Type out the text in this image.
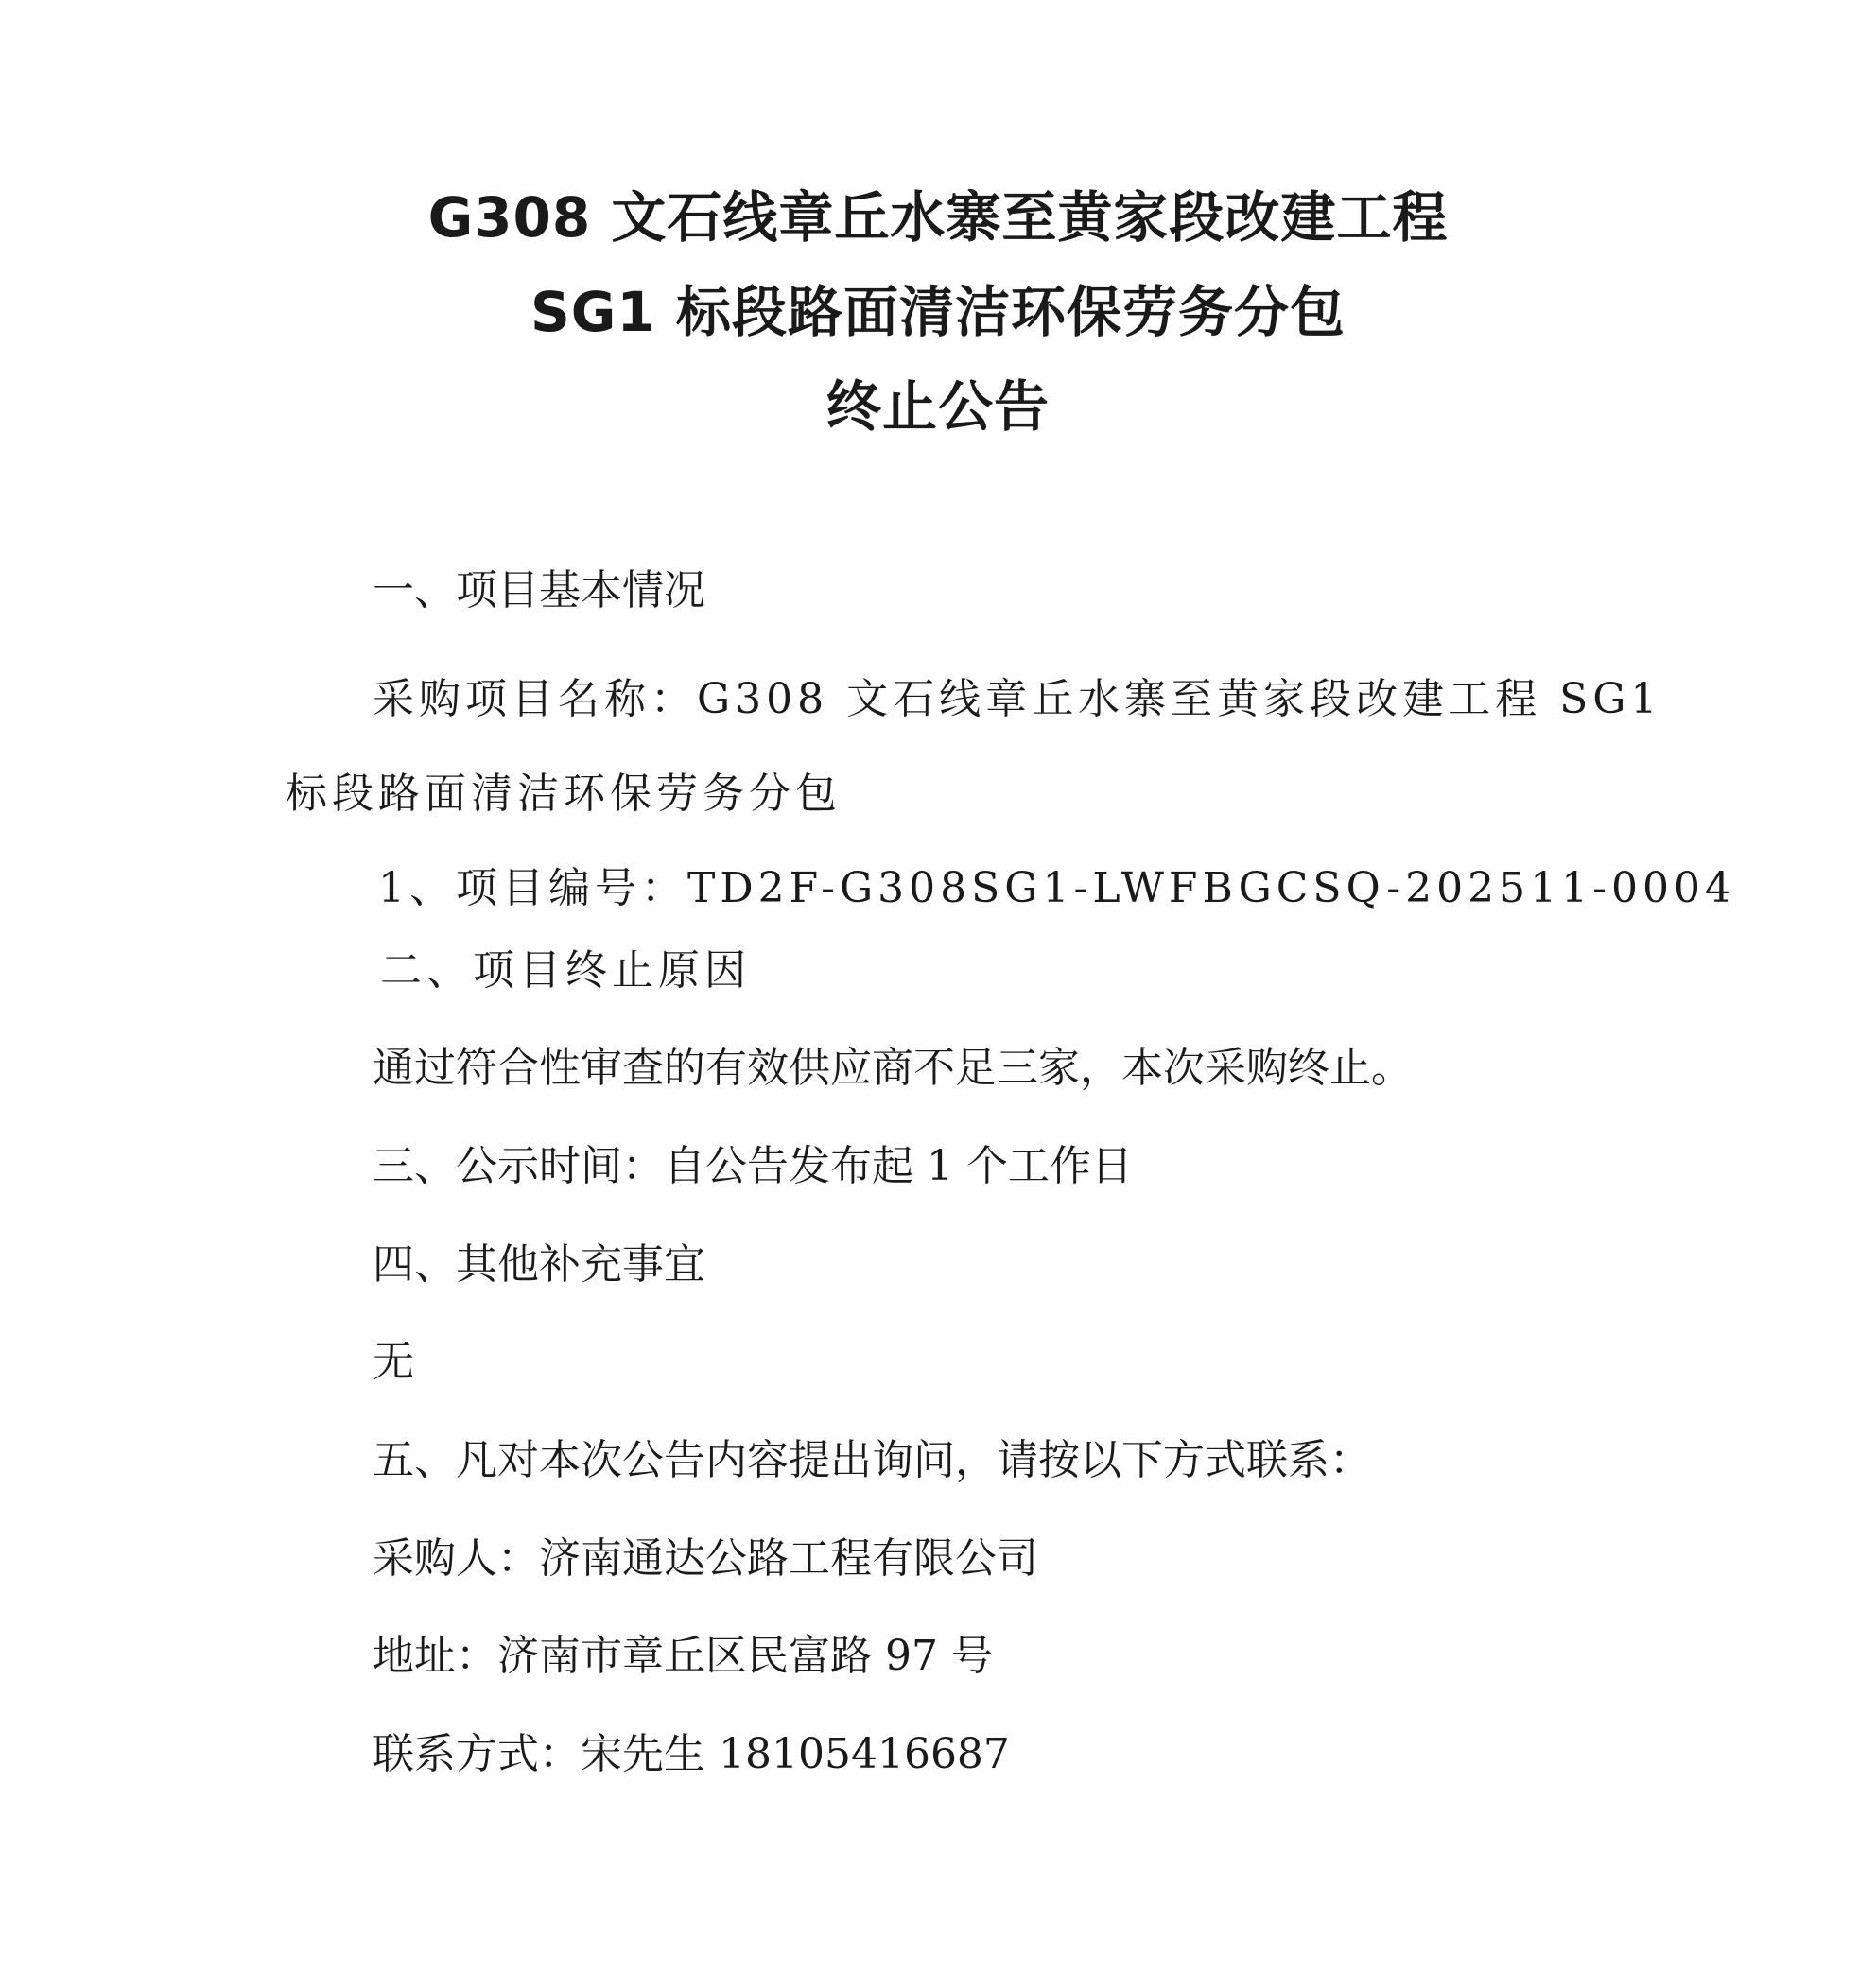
G308 文石线章丘水寨至黄家段改建工程
SG1 标段路面清洁环保劳务分包
终止公告
一、项目基本情况
采购项目名称：G308 文石线章丘水寨至黄家段改建工程 SG1
标段路面清洁环保劳务分包
1、项目编号：TD2F-G308SG1-LWFBGCSQ-202511-0004
二、项目终止原因
通过符合性审查的有效供应商不足三家，本次采购终止。
三、公示时间：自公告发布起 1 个工作日
四、其他补充事宜
无
五、凡对本次公告内容提出询问，请按以下方式联系：
采购人：济南通达公路工程有限公司
地址：济南市章丘区民富路 97 号
联系方式：宋先生 18105416687
